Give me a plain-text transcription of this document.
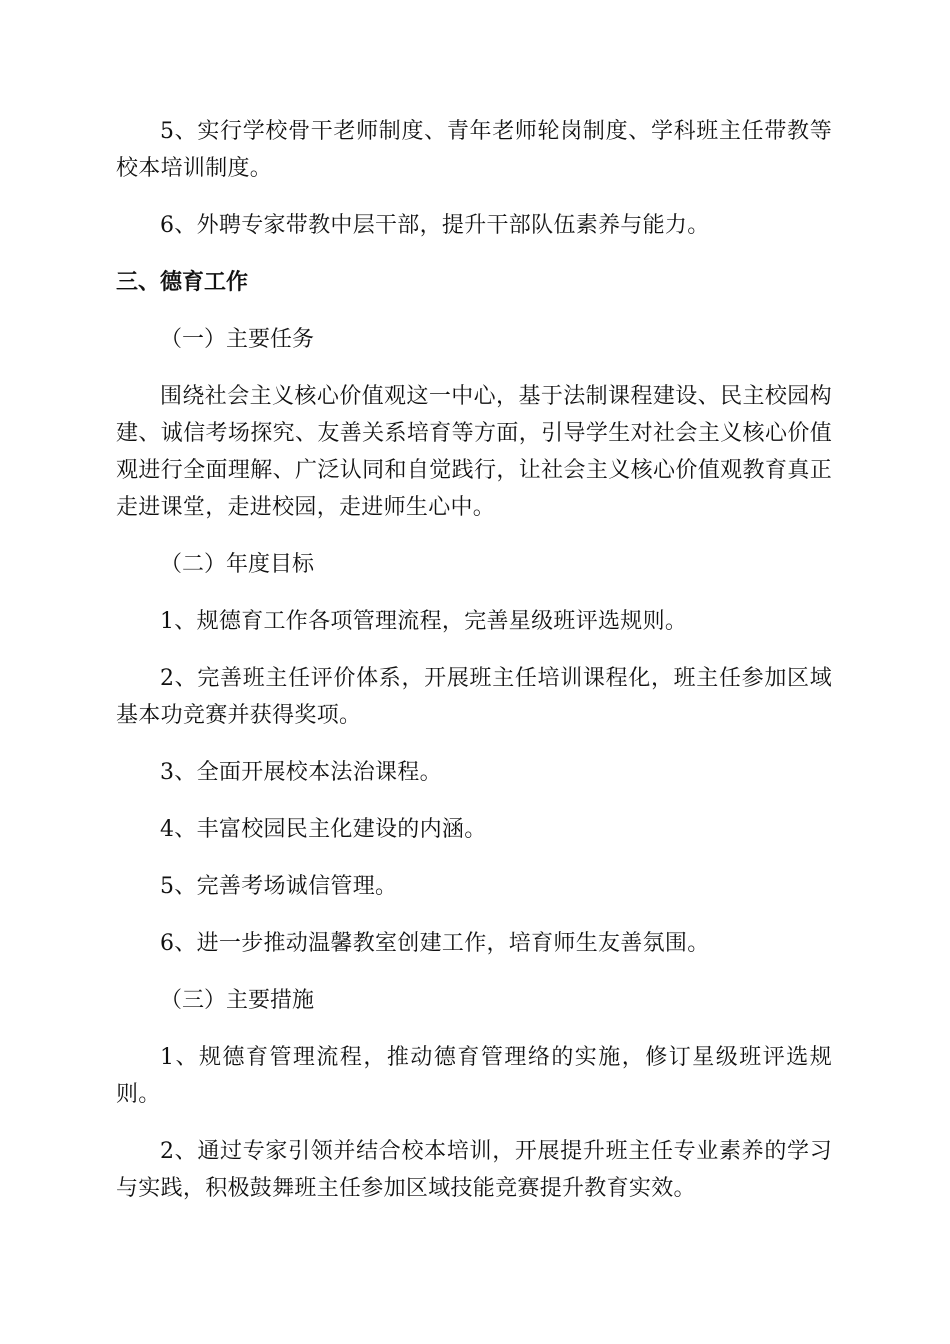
5、实行学校骨干老师制度、青年老师轮岗制度、学科班主任带教等校本培训制度。

6、外聘专家带教中层干部，提升干部队伍素养与能力。

三、德育工作

（一）主要任务

围绕社会主义核心价值观这一中心，基于法制课程建设、民主校园构建、诚信考场探究、友善关系培育等方面，引导学生对社会主义核心价值观进行全面理解、广泛认同和自觉践行，让社会主义核心价值观教育真正走进课堂，走进校园，走进师生心中。

（二）年度目标

1、规德育工作各项管理流程，完善星级班评选规则。

2、完善班主任评价体系，开展班主任培训课程化，班主任参加区域基本功竞赛并获得奖项。

3、全面开展校本法治课程。

4、丰富校园民主化建设的内涵。

5、完善考场诚信管理。

6、进一步推动温馨教室创建工作，培育师生友善氛围。

（三）主要措施

1、规德育管理流程，推动德育管理络的实施，修订星级班评选规则。

2、通过专家引领并结合校本培训，开展提升班主任专业素养的学习与实践，积极鼓舞班主任参加区域技能竞赛提升教育实效。
